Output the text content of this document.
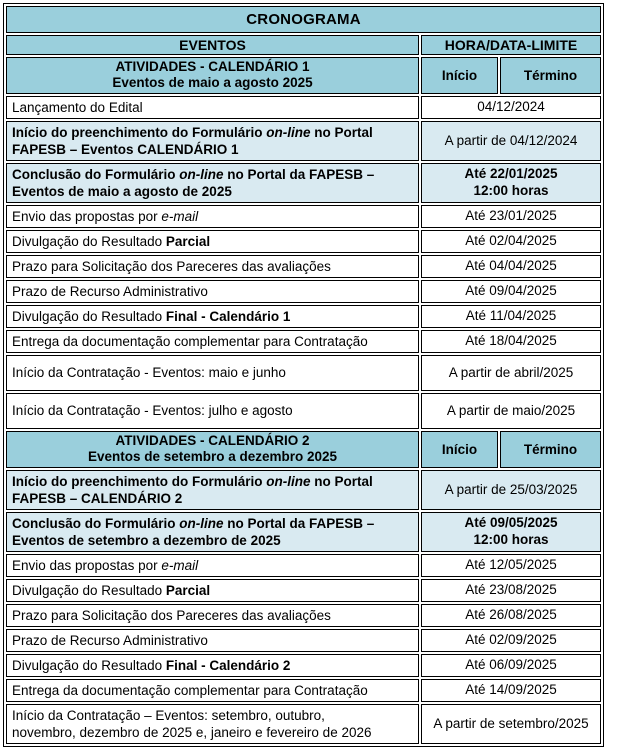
CRONOGRAMA		
EVENTOS	HORA/DATA-LIMITE	
ATIVIDADES - CALENDÁRIO 1
Eventos de maio a agosto 2025	Início	Término
Lançamento do Edital	04/12/2024	
Início do preenchimento do Formulário on-line no Portal FAPESB – Eventos CALENDÁRIO 1	A partir de 04/12/2024	
Conclusão do Formulário on-line no Portal da FAPESB – Eventos de maio a agosto de 2025	Até 22/01/2025
12:00 horas	
Envio das propostas por e-mail	Até 23/01/2025	
Divulgação do Resultado Parcial	Até 02/04/2025	
Prazo para Solicitação dos Pareceres das avaliações	Até 04/04/2025	
Prazo de Recurso Administrativo	Até 09/04/2025	
Divulgação do Resultado Final - Calendário 1	Até 11/04/2025	
Entrega da documentação complementar para Contratação	Até 18/04/2025	
Início da Contratação - Eventos: maio e junho	A partir de abril/2025	
Início da Contratação - Eventos: julho e agosto	A partir de maio/2025	
ATIVIDADES - CALENDÁRIO 2
Eventos de setembro a dezembro 2025	Início	Término
Início do preenchimento do Formulário on-line no Portal FAPESB – CALENDÁRIO 2	A partir de 25/03/2025	
Conclusão do Formulário on-line no Portal da FAPESB – Eventos de setembro a dezembro de 2025	Até 09/05/2025
12:00 horas	
Envio das propostas por e-mail	Até 12/05/2025	
Divulgação do Resultado Parcial	Até 23/08/2025	
Prazo para Solicitação dos Pareceres das avaliações	Até 26/08/2025	
Prazo de Recurso Administrativo	Até 02/09/2025	
Divulgação do Resultado Final - Calendário 2	Até 06/09/2025	
Entrega da documentação complementar para Contratação	Até 14/09/2025	
Início da Contratação – Eventos: setembro, outubro,
novembro, dezembro de 2025 e, janeiro e fevereiro de 2026	A partir de setembro/2025	
